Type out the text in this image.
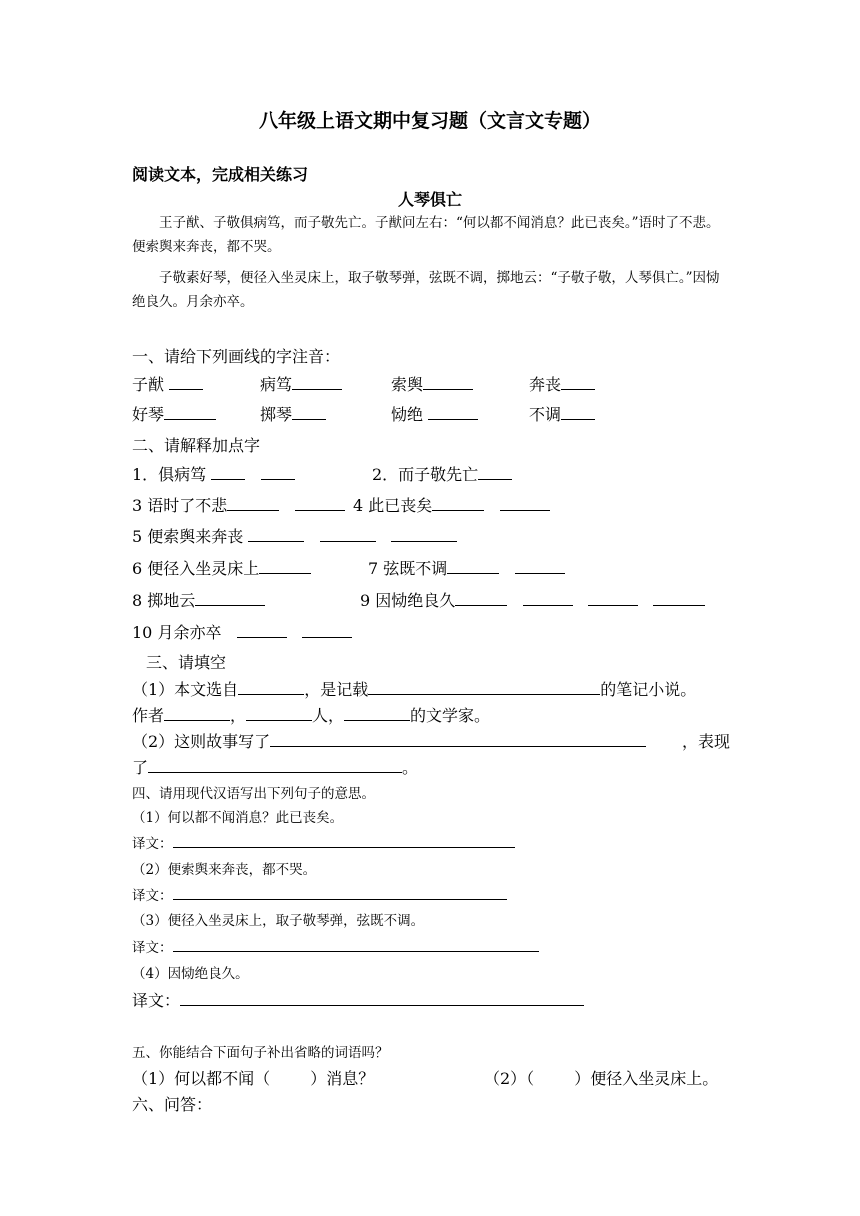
八年级上语文期中复习题（文言文专题）
阅读文本，完成相关练习
人琴俱亡
王子猷、子敬俱病笃，而子敬先亡。子猷问左右：“何以都不闻消息？此已丧矣。”语时了不悲。便索舆来奔丧，都不哭。
子敬素好琴，便径入坐灵床上，取子敬琴弹，弦既不调，掷地云：“子敬子敬，人琴俱亡。”因恸绝良久。月余亦卒。
一、请给下列画线的字注音：
子猷	病笃	索舆	奔丧
好琴	掷琴	恸绝	不调
二、请解释加点字
1．俱病笃	2．而子敬先亡
3 语时了不悲	4 此已丧矣
5 便索舆来奔丧
6 便径入坐灵床上	7 弦既不调
8 掷地云	9 因恸绝良久
10 月余亦卒
三、请填空
（1）本文选自	，是记载	的笔记小说。
作者	，	人，	的文学家。
（2）这则故事写了	，表现
了	。
四、请用现代汉语写出下列句子的意思。
（1）何以都不闻消息？此已丧矣。
译文：
（2）便索舆来奔丧，都不哭。
译文：
（3）便径入坐灵床上，取子敬琴弹，弦既不调。
译文：
（4）因恸绝良久。
译文：
五、你能结合下面句子补出省略的词语吗？
（1）何以都不闻（	）消息？	（2）（	）便径入坐灵床上。
六、问答：
